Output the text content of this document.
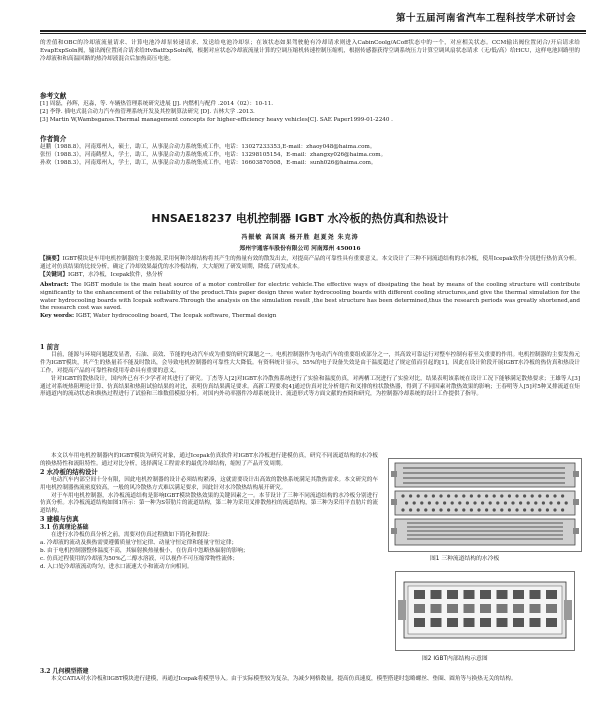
第十五届河南省汽车工程科技学术研讨会

的差值和OBC的冷却液流量请求、计算电池冷却泵转速请求、发送给电池冷却泵；在该状态如果驾驶舱有冷却请求则进入CabinCoolg/ACoff状态中的一个，对应相关状态。CCM输出阀位置闭合/开启请求给EvapExpSoln阀，输出阀位置闭合请求给HvBatExpSoln阀，根据对应状态冷却液流量计算的空调压缩机转速控制压缩机，根据传感器获得空调系统压力计算空调风扇状态请求（无/低/高）给HCU，这样电池回路里的冷却液和和高温回路的热冷却液混合后加热高压电池。

参考文献

[1] 周磊，孙辉，迟淼，等. 车辆热管理系统研究进展 [J]. 内燃机与配件 .2014（02）：10-11.

[2] 李铮. 插电式混合动力汽车热管理系统开发及其控制算法研究 [D]. 吉林大学 .2013.

[3] Martin W,Wambsganss.Thermal management concepts for higher-efficiency heavy vehicles[C]. SAE Paper1999-01-2240 .

作者简介

赵鹏（1988.8），河南郑州人，硕士，助工，从事混合动力系统集成工作，电话：13027233353,E-mail：zhaoy048@haima.com。

张恒（1988.3），河南鹤壁人，学士，助工，从事混合动力系统集成工作，电话：13298105154，E-mail：zhangxy026@haima.com。

孙欢（1988.3），河南郑州人，学士，助工，从事混合动力系统集成工作，电话：16603870508，E-mail：sunh026@haima.com。

HNSAE18237 电机控制器 IGBT 水冷板的热仿真和热设计
冯振敏 高国真 杨开胜 赵夏尧 朱克涛
郑州宇通客车股份有限公司 河南郑州 450016

【摘要】IGBT模块是车用电机控制器的主要热源,采用何种冷却结构将其产生的热量有效的散发出去，对提高产品的可靠性具有重要意义。本文设计了三种不同流道结构的水冷板，使用Icepak软件分别进行热仿真分析。通过对仿真结果的比较分析，确定了冷却效果最优的水冷板结构，大大缩短了研发周期，降低了研发成本。

【关键词】IGBT，水冷板，Icepak软件，热分析

Abstract: The IGBT module is the main heat source of a motor controller for electric vehicle.The effective ways of dissipating the heat by means of the cooling structure will contribute significantly to the enhancement of the reliability of the product.This paper design three water hydrocooling boards with different cooling structures,and give the thermal simulation for the water hydrocooling boards with Icepak software.Through the analysis on the simulation result ,the best structure has been determined,thus the research periods was greatly shortened,and the research cost was saved.

Key words: IGBT, Water hydrocooling board, The Icepak software, Thermal design

1 前言

目前，能源与环境问题越发显著，石油、高效、节能的电动汽车成为重要的研究课题之一。电机控制器作为电动汽车的重要组成部分之一，其高效可靠运行对整车控制有着至关重要的作用。电机控制器的主要发热元件为IGBT模块，其产生的热量若不能及时散出，会导致电机控制器的可靠性大大降低。有资料统计显示，55%的电子设备失效是由于温度超过了规定值而引起的[1]，因此在设计阶段开展IGBT水冷板的热仿真和热设计工作，对提高产品的可靠性和使用寿命具有重要的意义。

针对IGBT的散热设计，国内外已有不少学者对其进行了研究。丁杰等人[2]对IGBT水冷散热系统进行了实验和温度仿真，对两栖工况进行了实验对比，结果表明该系统在设计工况下能够满足散热要求；王雄等人[3]通过对系统热阻理论计算、仿真结果和热阻试验结果的对比，表明仿真结果满足要求。高新工程要求[4]通过仿真对比分析翅片和叉排的柱状散热器，得到了不同因素对散热效果的影响；王春明等人[5]对5种叉排流道在矩形通道内的流动状态和换热过程进行了试验和三维数值模拟分析。对国内外功率器件冷却系统设计、流道形式等方面文献的查阅和研究，为控制器冷却系统的设计工作提供了指导。

本文以车用电机控制器内的IGBT模块为研究对象，通过Icepak仿真软件对IGBT水冷板进行建模仿真，研究不同流道结构的水冷板的换热特性和流阻特性。通过对比分析，选择满足工程需求的最优冷却结构，缩短了产品开发周期。

2 水冷板的结构设计

电动汽车内部空间十分有限，因此电机控制器的设计必须结构紧凑，这就需要设计出高效的散热系统满足其散热需求。本文研究的车用电机控制器热流密度较高，一般的风冷散热方式难以满足要求，因此针对水冷散热结构展开研究。

对于车用电机控制器，水冷板流道结构是影响IGBT模块散热效果的关键因素之一。本节设计了三种不同流道结构的水冷板分别进行仿真分析。水冷板流道结构如图1所示：第一种为S带肋片的流道结构，第二种为采用叉排散热柱的流道结构，第三种为采用平直肋片的流道结构。

3 建模与仿真
3.1 仿真理论基础

在进行水冷板仿真分析之前，需要对仿真过程做如下简化和假设：

a. 冷却液的流动及换热需要遵循质量守恒定律、动量守恒定律和能量守恒定律；

b. 由于电机控制器整体温度不高，其辐射换热量极小，在仿真中忽略热辐射的影响；

c. 仿真过程使用的冷却液为50%乙二醇水溶液，可以视作不可压缩常物性流体；

d. 入口处冷却液流动均匀，进水口流速大小和流动方向相同。

3.2 几何模型搭建

本文CATIA对水冷板和IGBT模块进行建模，再通过Icepak将模型导入。由于实际模型较为复杂，为减少网格数量，提高仿真速度，模型搭建时忽略螺丝、垫圈、圆角等与换热无关的结构。

图1 三种流道结构的水冷板
图2 IGBT内部结构示意图
